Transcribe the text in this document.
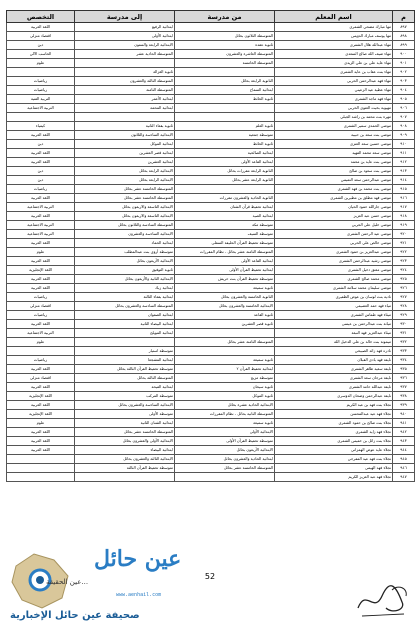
م	اسم المعلم	من مدرسة	إلى مدرسة	التخصص
٨٩٧	مها مبارك مضحي الشمري		ابتدائية الرفيع	اللغة العربية
٨٩٨	مها يوسف مبارك الدويس	المتوسطة الثلاثون بحائل	ابتدائية الأولى	اقتصاد منزلي
٨٩٩	مهاء عبدالله هلال الشمري	ثانوية عقدة	الابتدائية الرابعة والستون	دين
٩٠٠	مهاء ضيف الله صالح السعدي	المتوسطة العاشرة والعشرون	المتوسطة الحادية عشر	الحاسب الآلي
٩٠١	مهاء عايد علي بن علي الزيدي	المتوسطة الخامسة		علوم
٩٠٢	مهاء بنت عقاب بن عايد الشمري		ثانوية الغزالة	
٩٠٣	مهاء فهد عبدالرحمن الحربي	الثانوية الرابعة بحائل	المتوسطة الثالثة والعشرون	رياضيات
٩٠٤	مهاء عطية عيد الزعيني	ابتدائية السماح	المتوسطة الثامنة	رياضيات
٩٠٥	مهاء فهد ماجد الشمري	ثانوية الحائط	ابتدائية الأعمر	التربية الفنية
٩٠٦	مهيوبة بخيت العتوي الحربي		ابتدائية المحمة	التربية الاجتماعية
٩٠٧	مهرة بنت محمد بن راشد الجبلي			
٩٠٨	موضي الحمدي سمير الشمري	ثانوية العلم	ثانوية بقعاء الثانية	كيمياء
٩٠٩	موضي بنت سعد بن حبيبة	متوسطة جمعيه	الابتدائية السادسة والثلاثون	اللغة العربية
٩١٠	موضي حسين سعد العنزي	ثانوية الحائط	ابتدائية الموكل	دين
٩١١	موضي سعد محمد الفهيد	ابتدائية الصالحية	ابتدائية قصر العشرين	اللغة العربية
٩١٢	موضي بنت عايد بن محمد	ابتدائية القاعد الأولى	ابتدائية العشرين	اللغة العربية
٩١٣	موضي بنت سعود بن صالح	الثانوية الرابعة مقررات بحائل	الابتدائية الرابعة بحائل	دين
٩١٤	موضي عبدالرحمن سعد التميمي	الثانوية الرابعة عشر بحائل	الابتدائية الرابعة بحائل	دين
٩١٥	موضي بنت محمد بن فهد الشمري		المتوسطة الخامسة عشر بحائل	رياضيات
٩١٦	موضي فهد مطلق بن مطيرين الشمري	الثانوية الحادية والعشرون مقررات	المتوسطة الخامسة عشر بحائل	اللغة العربية
٩١٧	موضي جارالله حمود الحيان	ابتدائية تحفيظ قرآن الشنان	الابتدائية التاسعة والاربعون بحائل	التربية الاجتماعية
٩١٨	موضي حسن عبد العزيز	ابتدائية الصيد	الابتدائية التاسعة والاربعون بحائل	اللغة العربية
٩١٩	موضي خليل علي الحربي	متوسطة مكة	المتوسطة السادسة والثلاثون بحائل	التربية الاجتماعية
٩٢٠	موضي عيد الرحمن الشمري	متوسطة السيف	الابتدائية السادسة والعشرون	التربية الاجتماعية
٩٢١	موضي خالص علي الحربي	متوسطة تحفيظ القرآن الحليفة السفلى	ابتدائية الحماد	اللغة العربية
٩٢٢	موضي عبدالعزيز بن حمود الشمري	المتوسطة الثامنة عشر بحائل - نظام المقررات	متوسطة أروى بنت عبدالمطلب	علوم
٩٢٣	موضي رشيد عبدالرحمن الشمري	ابتدائية القاعد الأولى	الابتدائية الأربعون بحائل	اللغة العربية
٩٢٤	موضي معتق دخيل الشمري	ابتدائية تحفيظ القرآن الأولى	ثانوية التوفيق	اللغة الإنجليزية
٩٢٥	موضي محمد صالح الشمري	متوسطة تحفيظ القرآن بنت حريش	الابتدائية الثانية والأربعون بحائل	اللغة العربية
٩٢٦	موضي سليمان محمد سلامة الشمري	ثانوية سميعة	ابتدائية زبك	اللغة العربية
٩٢٧	ناديه بنت لوسان بن عوض الظفيري	الثانوية الخامسة والعشرون بحائل	ابتدائية بقعاء الثالثة	رياضيات
٩٢٨	مياء فهد حمد العصيمي	الابتدائية الخامسة والعشرون بحائل	المتوسطة السادسة والعشرون بحائل	اقتصاد منزلي
٩٢٩	ميثاء فهد طماس الشمري	ثانوية القاعد	ابتدائية الصفوان	رياضيات
٩٣٠	مياثة بنت عبدالرحمن بن عيسى	ثانوية قصر العشرين	ابتدائية البيضاء الثانية	اللغة العربية
٩٣١	ميثاء عبدالعزيز فهد النبعة		ابتدائية المويلح	التربية الاجتماعية
٩٣٢	ميمونة بنت خالد بن علي الدخيل الله	المتوسطة الثامنة عشر بحائل		علوم
٩٣٣	نادره فهد زائد الصبيحي		متوسطة استيار	
٩٣٤	نايفة فهد بادي القبلان	ثانوية سميعة	ابتدائية المشجعا	رياضيات
٩٣٥	نايفة سعيد ظاهر الشمري	ابتدائية تحفيظ القرآن ٢	متوسطة تحفيظ القرآن الثالثة بحائل	اللغة العربية
٩٣٦	نايفة مرجان سعد الشمري	متوسطة مزيج	المتوسطة الثالثة بحائل	اقتصاد منزلي
٩٣٧	نايفة عبدالله حامد الشمري	ثانوية سيحان	ابتدائية الفيحه	اللغة العربية
٩٣٨	نايفة عبدالرحمن وضحان الدوسري	ثانوية الموكل	متوسطة المركب	اللغة الإنجليزية
٩٣٩	نجلاء بنت فهد بن عبد الكريم	الابتدائية الحادية عشرة بحائل	الابتدائية السادسة والعشرون بحائل	اللغة العربية
٩٤٠	نجلاء فهد عيد عبدالمحسن	المتوسطة الثانية بحائل - نظام المقررات	متوسطة الأولى	اللغة الإنجليزية
٩٤١	نجلاء بنت صالح بن حمود الشمري	ثانوية سميعة	ابتدائية الشنان الثانية	علوم
٩٤٢	نجلاء فهد زايد الشمري	الابتدائية الأولى	المتوسطة الخامسة عشر بحائل	اللغة العربية
٩٤٣	نجلاء بنت زائل بن خميس الشمري	متوسطة تحفيظ القرآن الأولى	الابتدائية الأولى والعشرون بحائل	اللغة العربية
٩٤٤	نجلاء عايد عوض الهمزاني	الابتدائية الأربعون بحائل	ابتدائية البيضاء	اللغة العربية
٩٤٥	نجلاء بنت فهد عيد المفرجي	ابتدائية الحادية والعشرون بحائل	الابتدائية الثالثة والعشرون بحائل	
٩٤٦	نجلاء فهد الهيمي	المتوسطة الخامسة عشر بحائل	متوسطة تحفيظ القرآن الثالثة	
٩٤٧	نجلاء فهد عبد العزيز الكريم			
عين حائل
عين الحقيقة...
www.aenhail.com
صحيفة عين حائل الإخبارية
52
